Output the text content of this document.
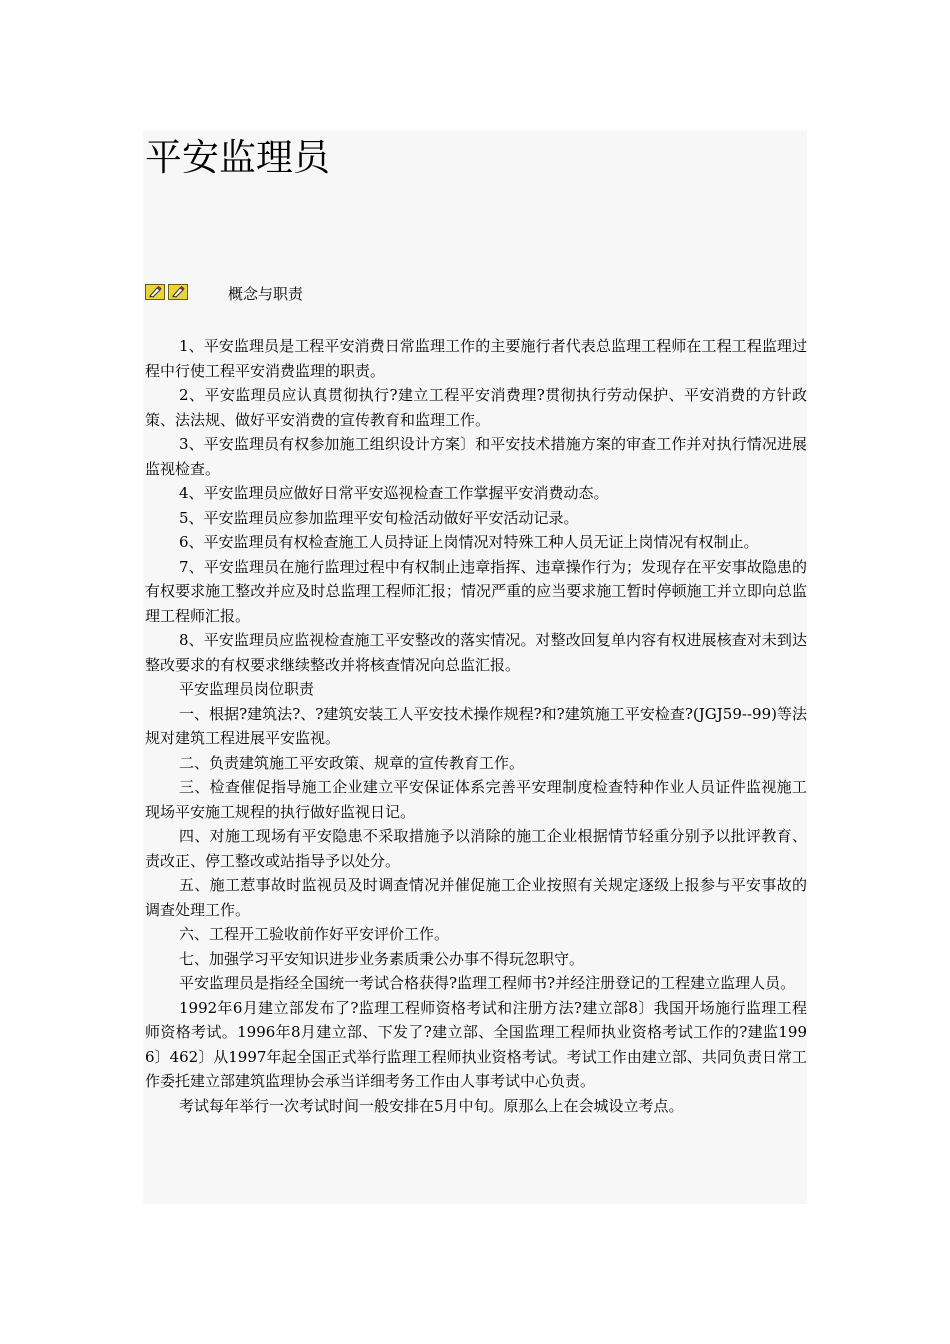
平安监理员
概念与职责

1、平安监理员是工程平安消费日常监理工作的主要施行者代表总监理工程师在工程工程监理过程中行使工程平安消费监理的职责。

2、平安监理员应认真贯彻执行?建立工程平安消费理?贯彻执行劳动保护、平安消费的方针政策、法法规、做好平安消费的宣传教育和监理工作。

3、平安监理员有权参加施工组织设计方案〕和平安技术措施方案的审查工作并对执行情况进展监视检查。

4、平安监理员应做好日常平安巡视检查工作掌握平安消费动态。

5、平安监理员应参加监理平安旬检活动做好平安活动记录。

6、平安监理员有权检查施工人员持证上岗情况对特殊工种人员无证上岗情况有权制止。

7、平安监理员在施行监理过程中有权制止违章指挥、违章操作行为；发现存在平安事故隐患的有权要求施工整改并应及时总监理工程师汇报；情况严重的应当要求施工暂时停顿施工并立即向总监理工程师汇报。

8、平安监理员应监视检查施工平安整改的落实情况。对整改回复单内容有权进展核查对未到达整改要求的有权要求继续整改并将核查情况向总监汇报。

平安监理员岗位职责

一、根据?建筑法?、?建筑安装工人平安技术操作规程?和?建筑施工平安检查?(JGJ59--99)等法规对建筑工程进展平安监视。

二、负责建筑施工平安政策、规章的宣传教育工作。

三、检查催促指导施工企业建立平安保证体系完善平安理制度检查特种作业人员证件监视施工现场平安施工规程的执行做好监视日记。

四、对施工现场有平安隐患不采取措施予以消除的施工企业根据情节轻重分别予以批评教育、责改正、停工整改或站指导予以处分。

五、施工惹事故时监视员及时调查情况并催促施工企业按照有关规定逐级上报参与平安事故的调查处理工作。

六、工程开工验收前作好平安评价工作。

七、加强学习平安知识进步业务素质秉公办事不得玩忽职守。

平安监理员是指经全国统一考试合格获得?监理工程师书?并经注册登记的工程建立监理人员。

1992年6月建立部发布了?监理工程师资格考试和注册方法?建立部8〕我国开场施行监理工程师资格考试。1996年8月建立部、下发了?建立部、全国监理工程师执业资格考试工作的?建监1996〕462〕从1997年起全国正式举行监理工程师执业资格考试。考试工作由建立部、共同负责日常工作委托建立部建筑监理协会承当详细考务工作由人事考试中心负责。

考试每年举行一次考试时间一般安排在5月中旬。原那么上在会城设立考点。
